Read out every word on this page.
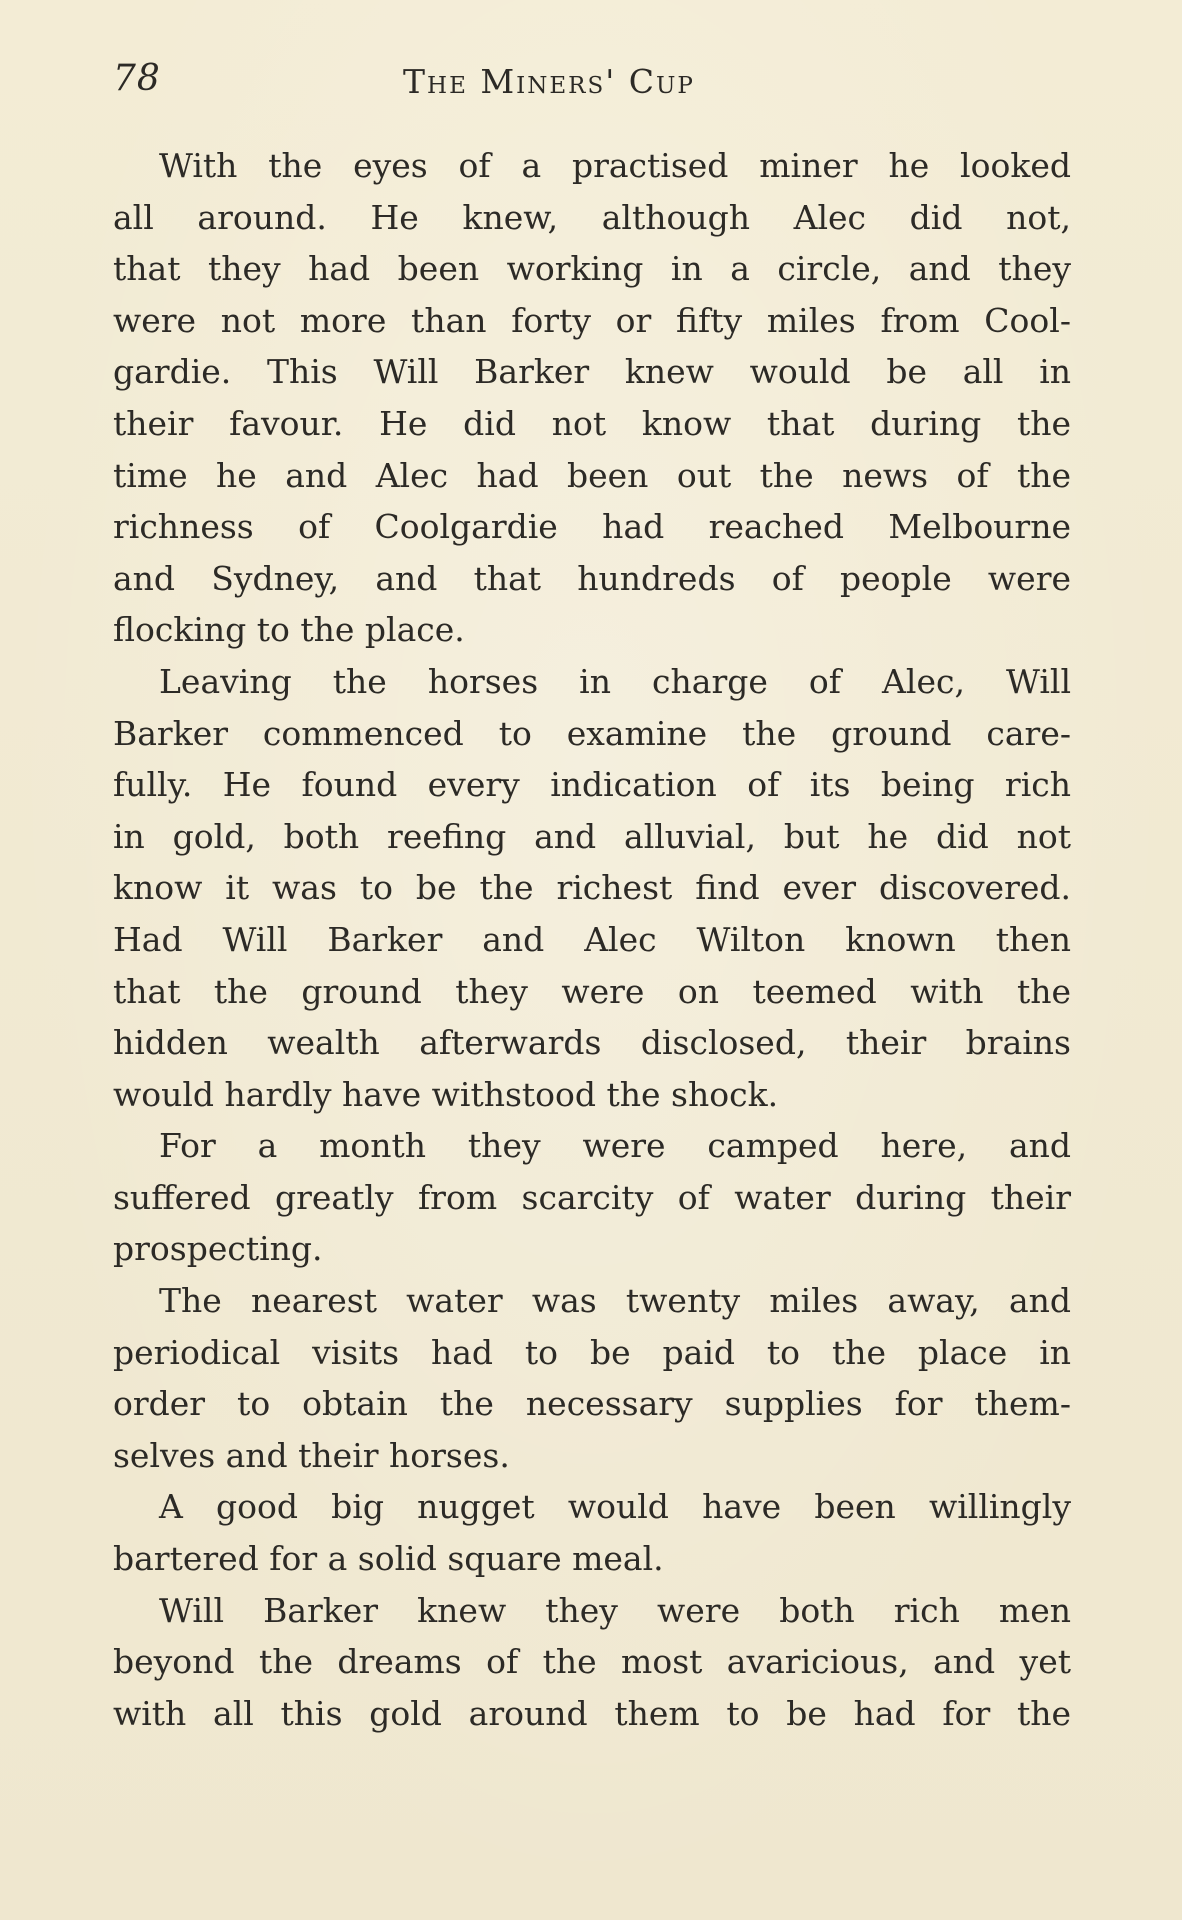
78	The Miners' Cup

With the eyes of a practised miner he looked
all around. He knew, although Alec did not,
that they had been working in a circle, and they
were not more than forty or fifty miles from Cool-
gardie. This Will Barker knew would be all in
their favour. He did not know that during the
time he and Alec had been out the news of the
richness of Coolgardie had reached Melbourne
and Sydney, and that hundreds of people were
flocking to the place.

Leaving the horses in charge of Alec, Will
Barker commenced to examine the ground care-
fully. He found every indication of its being rich
in gold, both reefing and alluvial, but he did not
know it was to be the richest find ever discovered.
Had Will Barker and Alec Wilton known then
that the ground they were on teemed with the
hidden wealth afterwards disclosed, their brains
would hardly have withstood the shock.

For a month they were camped here, and
suffered greatly from scarcity of water during their
prospecting.

The nearest water was twenty miles away, and
periodical visits had to be paid to the place in
order to obtain the necessary supplies for them-
selves and their horses.

A good big nugget would have been willingly
bartered for a solid square meal.

Will Barker knew they were both rich men
beyond the dreams of the most avaricious, and yet
with all this gold around them to be had for the
